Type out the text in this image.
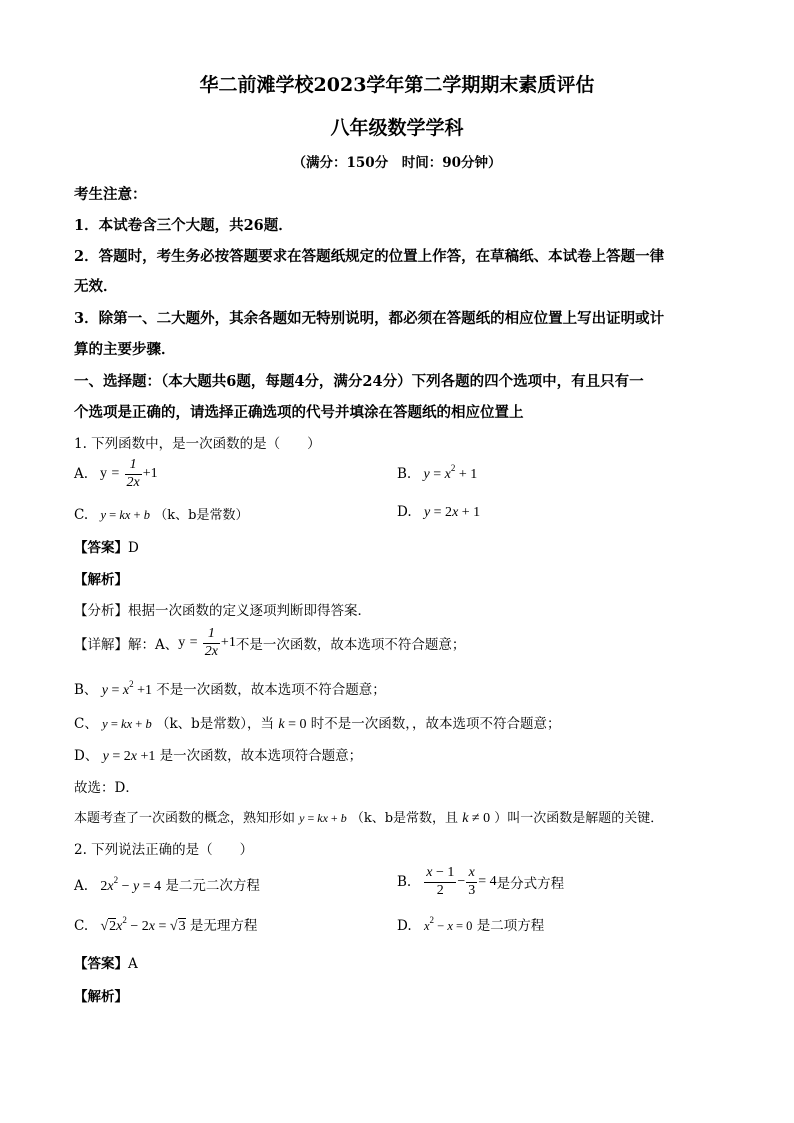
华二前滩学校2023学年第二学期期末素质评估
八年级数学学科
（满分：150分　时间：90分钟）
考生注意：
1．本试卷含三个大题，共26题．
2．答题时，考生务必按答题要求在答题纸规定的位置上作答，在草稿纸、本试卷上答题一律
无效．
3．除第一、二大题外，其余各题如无特别说明，都必须在答题纸的相应位置上写出证明或计
算的主要步骤．
一、选择题：（本大题共6题，每题4分，满分24分）下列各题的四个选项中，有且只有一
个选项是正确的，请选择正确选项的代号并填涂在答题纸的相应位置上
1. 下列函数中，是一次函数的是（　　）
A. $y = \frac{1}{2x} +1$	B. $y = x^2 + 1$
C. y = kx + b （k、b是常数）	D. y = 2x + 1
【答案】D
【解析】
【分析】根据一次函数的定义逐项判断即得答案．
【详解】解：A、 $y = \frac{1}{2x} +1$ 不是一次函数，故本选项不符合题意；
B、 $y = x^2 +1$ 不是一次函数，故本选项不符合题意；
C、 y = kx + b （k、b是常数），当 k = 0 时不是一次函数，，故本选项不符合题意；
D、 y = 2x +1 是一次函数，故本选项符合题意；
故选：D．
本题考查了一次函数的概念，熟知形如 y = kx + b （k、b是常数，且 k ≠ 0 ）叫一次函数是解题的关键．
2. 下列说法正确的是（　　）
A. $2x^2 - y = 4$ 是二元二次方程	B. $\frac{x - 1}{2} - \frac{x}{3} = 4$ 是分式方程
C. $√2x^2 - 2x = √3$ 是无理方程	D. $x^2 - x = 0$ 是二项方程
【答案】A
【解析】
